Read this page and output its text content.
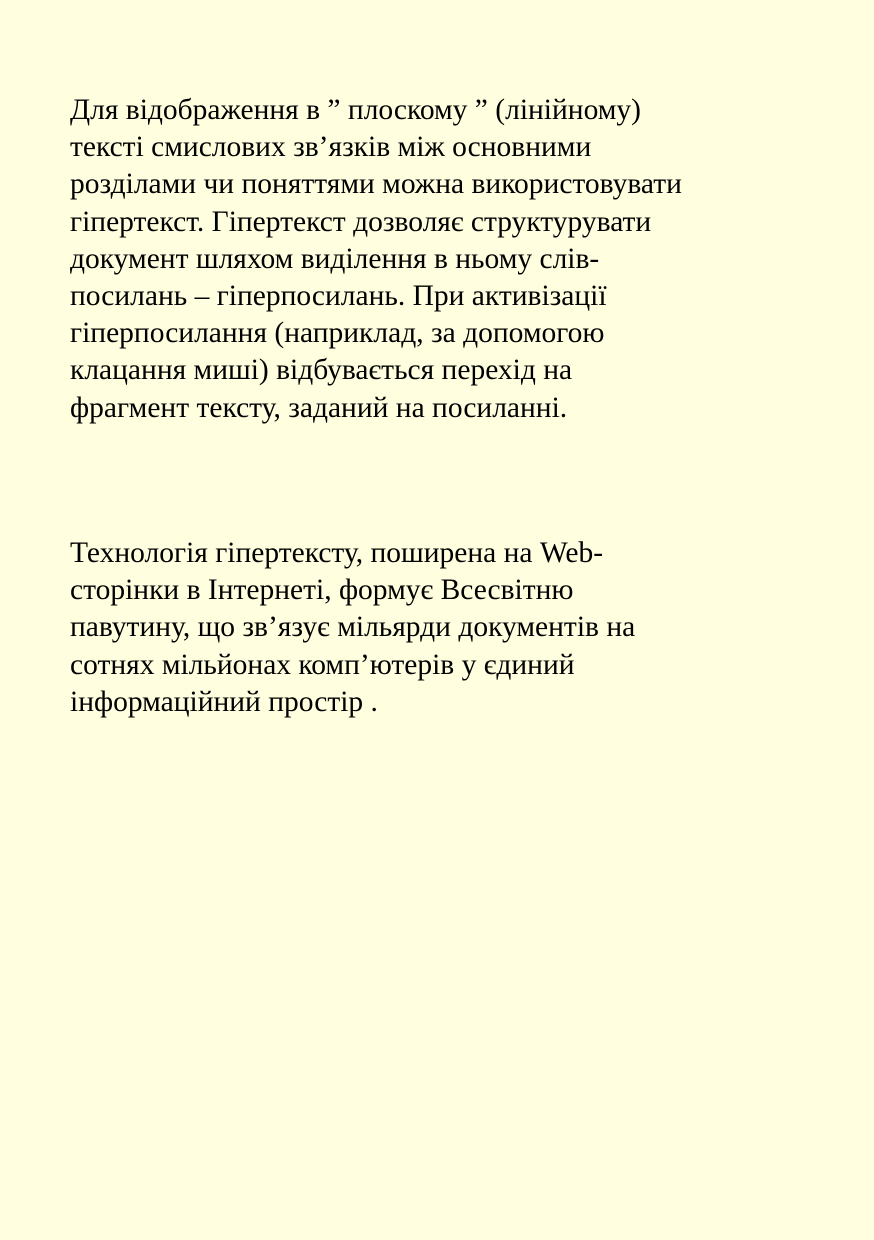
Для відображення в ” плоскому ” (лінійному)
тексті смислових зв’язків між основними
розділами чи поняттями можна використовувати
гіпертекст. Гіпертекст дозволяє структурувати
документ шляхом виділення в ньому слів-
посилань – гіперпосилань. При активізації
гіперпосилання (наприклад, за допомогою
клацання миші) відбувається перехід на
фрагмент тексту, заданий на посиланні.
Технологія гіпертексту, поширена на Web-
сторінки в Інтернеті, формує Всесвітню
павутину, що зв’язує мільярди документів на
сотнях мільйонах комп’ютерів у єдиний
інформаційний простір .
